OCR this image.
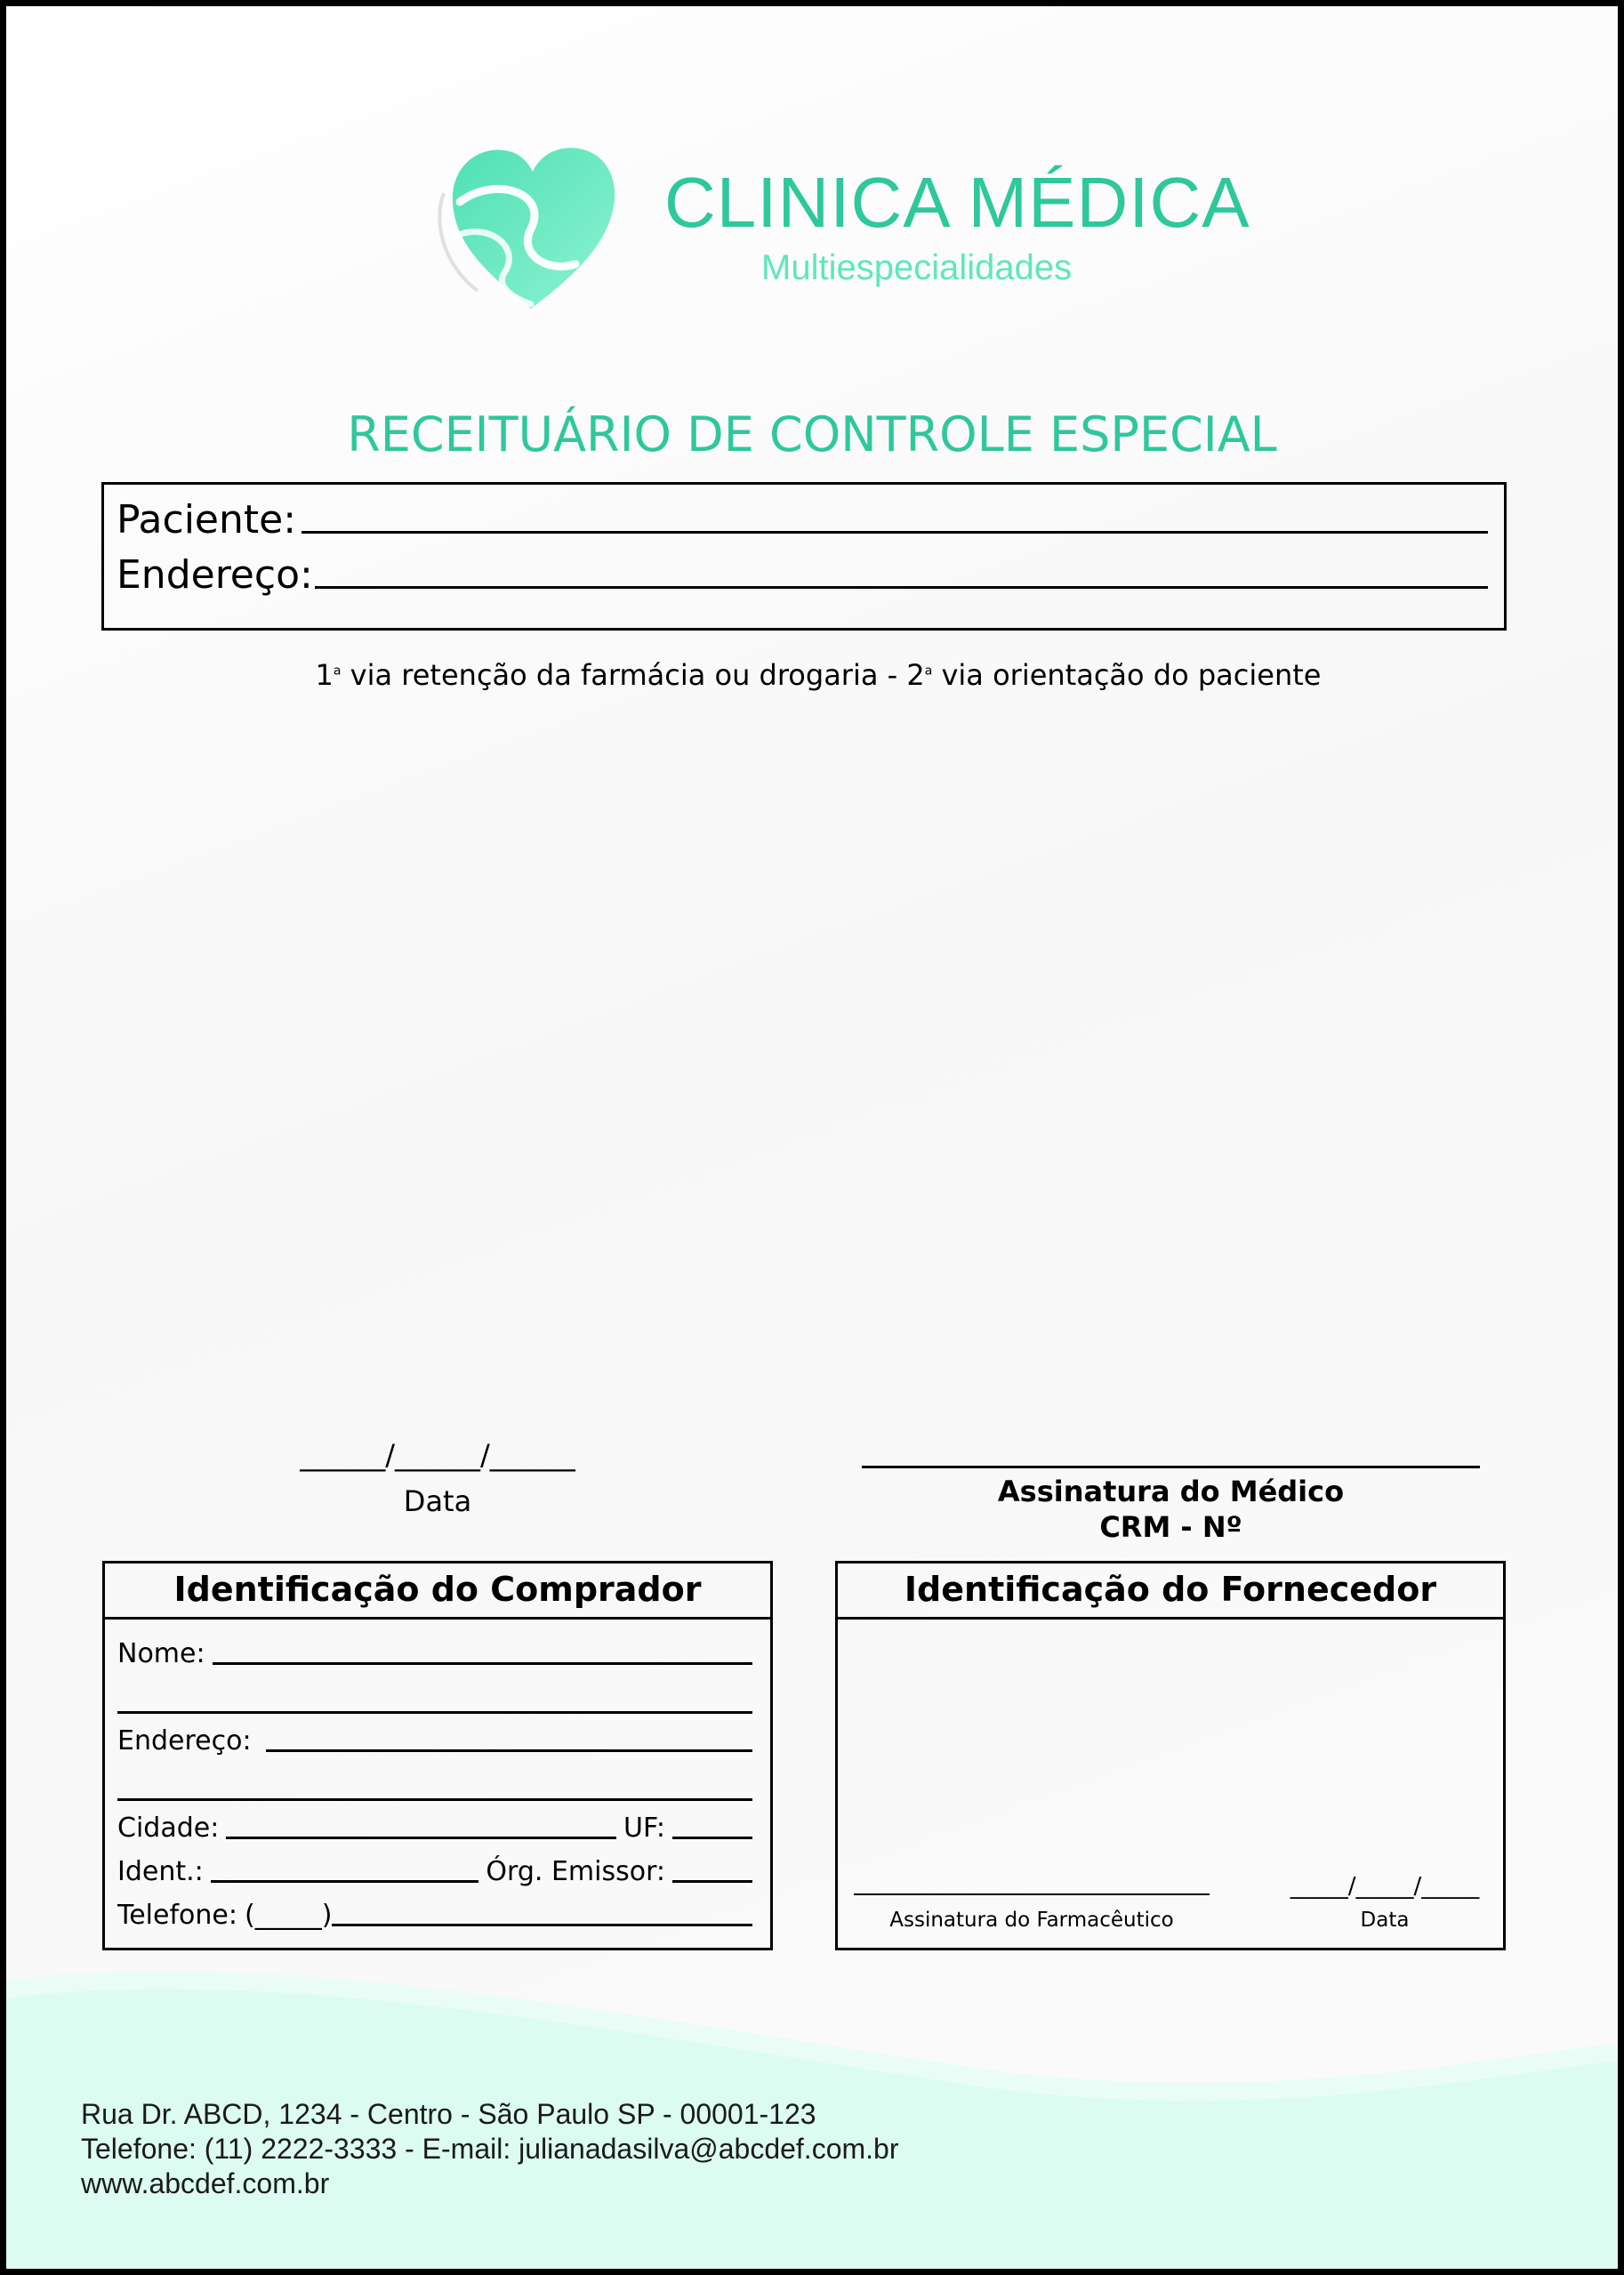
CLINICA MÉDICA
Multiespecialidades
RECEITUÁRIO DE CONTROLE ESPECIAL
Paciente:
Endereço:
1$^a$ via retenção da farmácia ou drogaria - 2$^a$ via orientação do paciente
______/______/______
Data	Assinatura do Médico
CRM - Nº
Identificação do Comprador
Nome:
Endereço:
Cidade:	UF:
Ident.:	Órg. Emissor:
Telefone: (_____)
Identificação do Fornecedor
Assinatura do Farmacêutico
_____/_____/_____
Data
Rua Dr. ABCD, 1234 - Centro - São Paulo SP - 00001-123
Telefone: (11) 2222-3333 - E-mail: julianadasilva@abcdef.com.br
www.abcdef.com.br
